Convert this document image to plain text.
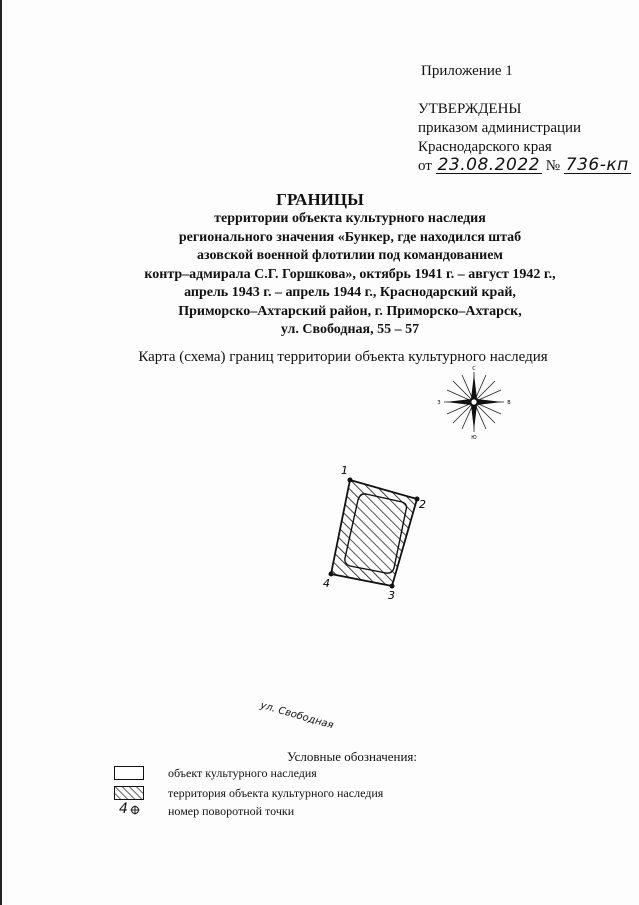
Приложение 1
УТВЕРЖДЕНЫ
приказом администрации
Краснодарского края
от 23.08.2022 № 736-кп
ГРАНИЦЫ
территории объекта культурного наследия
регионального значения «Бункер, где находился штаб
азовской военной флотилии под командованием
контр–адмирала С.Г. Горшкова», октябрь 1941 г. – август 1942 г.,
апрель 1943 г. – апрель 1944 г., Краснодарский край,
Приморско–Ахтарский район, г. Приморско–Ахтарск,
ул. Свободная, 55 – 57
Карта (схема) границ территории объекта культурного наследия
С
Ю
В
З
1
2
3
4
ул. Свободная
Условные обозначения:
объект культурного наследия
территория объекта культурного наследия
4	номер поворотной точки
